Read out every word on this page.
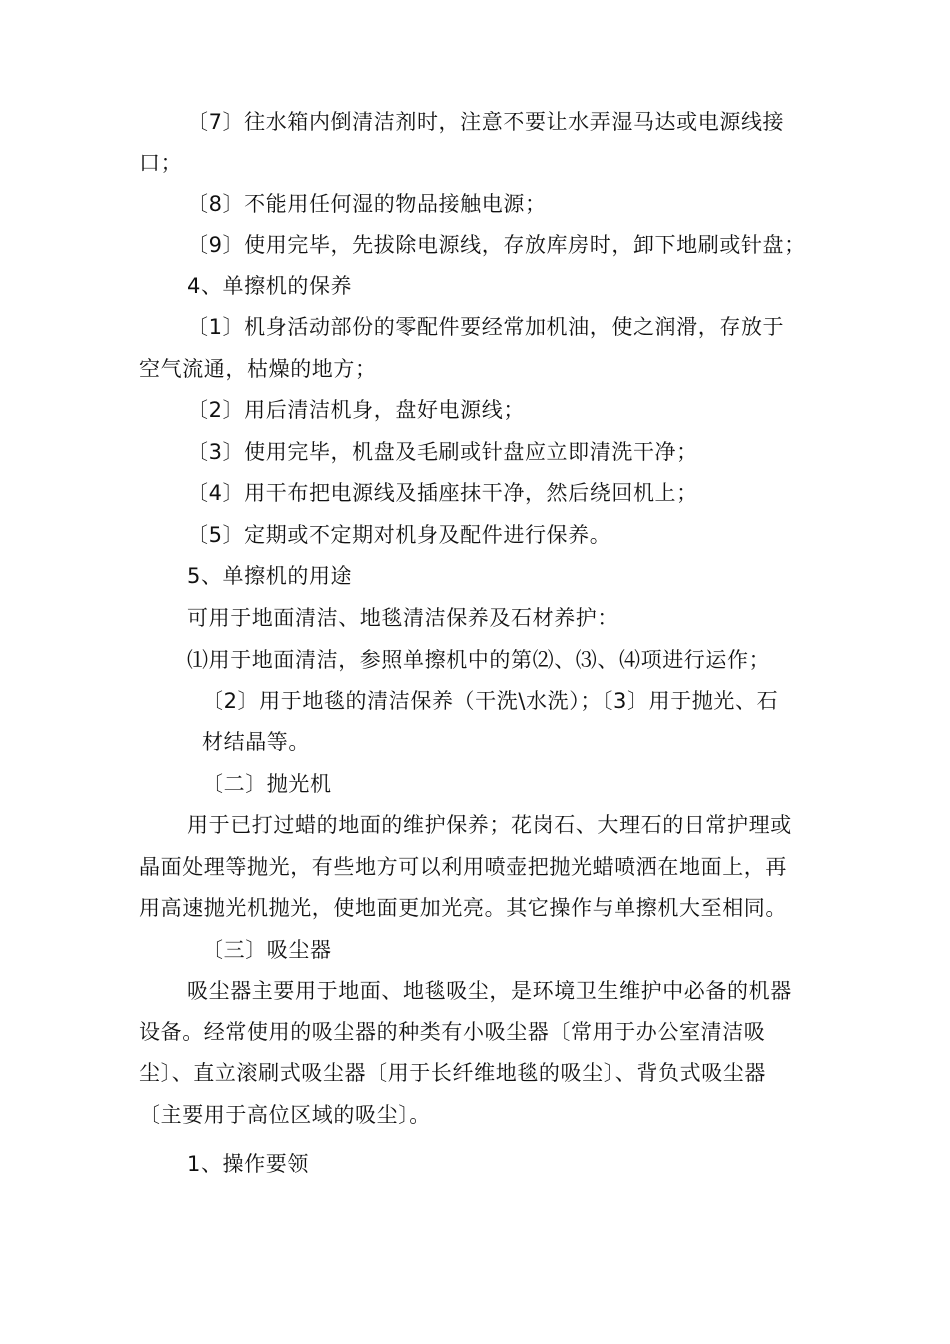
〔7〕往水箱内倒清洁剂时，注意不要让水弄湿马达或电源线接
口；
〔8〕不能用任何湿的物品接触电源；
〔9〕使用完毕，先拔除电源线，存放库房时，卸下地刷或针盘；
4、单擦机的保养
〔1〕机身活动部份的零配件要经常加机油，使之润滑，存放于
空气流通，枯燥的地方；
〔2〕用后清洁机身，盘好电源线；
〔3〕使用完毕，机盘及毛刷或针盘应立即清洗干净；
〔4〕用干布把电源线及插座抹干净，然后绕回机上；
〔5〕定期或不定期对机身及配件进行保养。
5、单擦机的用途
可用于地面清洁、地毯清洁保养及石材养护：
⑴用于地面清洁，参照单擦机中的第⑵、⑶、⑷项进行运作；
〔2〕用于地毯的清洁保养（干洗\水洗）；〔3〕用于抛光、石
材结晶等。
〔二〕抛光机
用于已打过蜡的地面的维护保养；花岗石、大理石的日常护理或
晶面处理等抛光，有些地方可以利用喷壶把抛光蜡喷洒在地面上，再
用高速抛光机抛光，使地面更加光亮。其它操作与单擦机大至相同。
〔三〕吸尘器
吸尘器主要用于地面、地毯吸尘，是环境卫生维护中必备的机器
设备。经常使用的吸尘器的种类有小吸尘器〔常用于办公室清洁吸
尘〕、直立滚刷式吸尘器〔用于长纤维地毯的吸尘〕、背负式吸尘器
〔主要用于高位区域的吸尘〕。
1、操作要领
